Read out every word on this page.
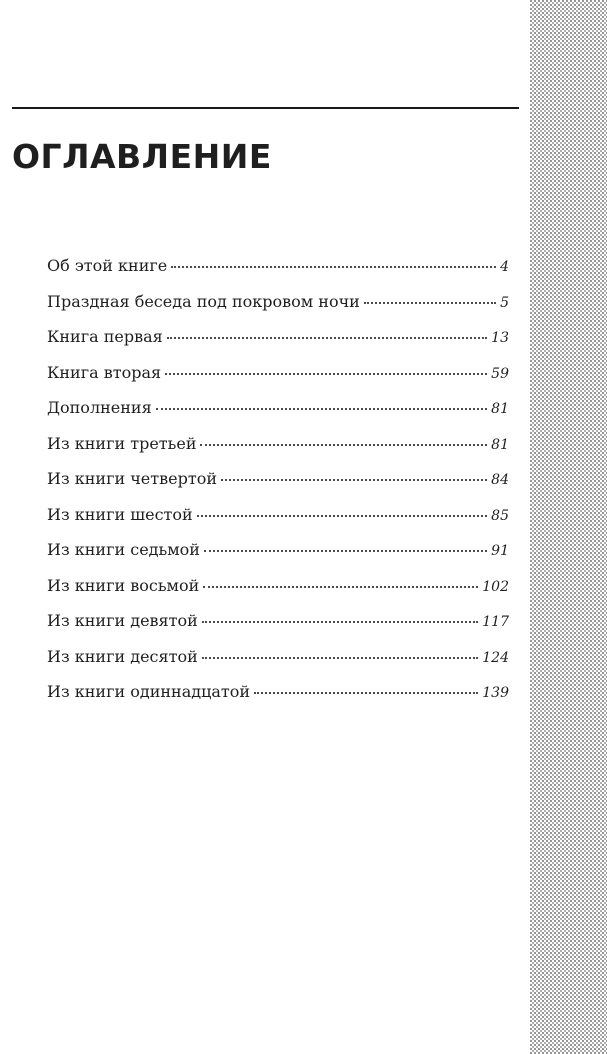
ОГЛАВЛЕНИЕ
Об этой книге	4
Праздная беседа под покровом ночи	5
Книга первая	13
Книга вторая	59
Дополнения	81
Из книги третьей	81
Из книги четвертой	84
Из книги шестой	85
Из книги седьмой	91
Из книги восьмой	102
Из книги девятой	117
Из книги десятой	124
Из книги одиннадцатой	139
